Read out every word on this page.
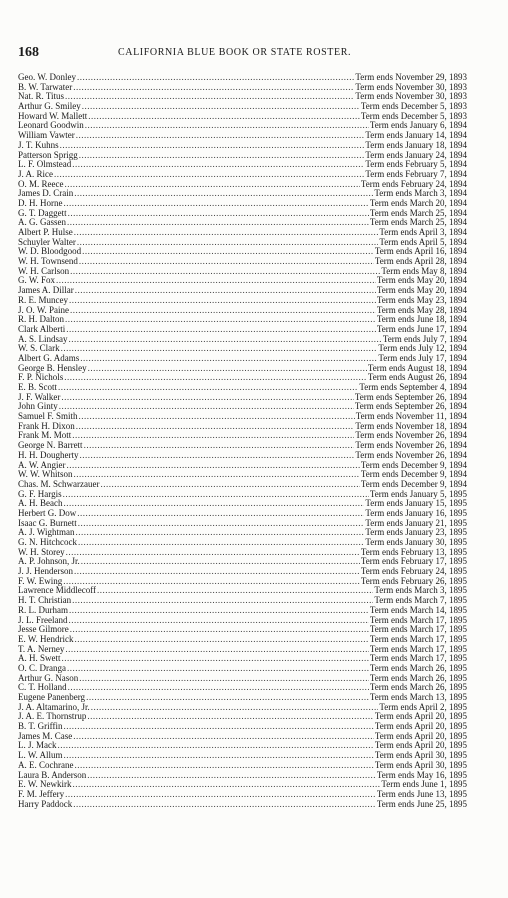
168	CALIFORNIA BLUE BOOK OR STATE ROSTER.
Geo. W. Donley .....	Term ends November 29, 1893
B. W. Tarwater .....	Term ends November 30, 1893
Nat. R. Titus .....	Term ends November 30, 1893
Arthur G. Smiley .....	Term ends December 5, 1893
Howard W. Mallett .....	Term ends December 5, 1893
Leonard Goodwin .....	Term ends January 6, 1894
William Vawter .....	Term ends January 14, 1894
J. T. Kuhns .....	Term ends January 18, 1894
Patterson Sprigg .....	Term ends January 24, 1894
L. F. Olmstead .....	Term ends February 5, 1894
J. A. Rice .....	Term ends February 7, 1894
O. M. Reece .....	Term ends February 24, 1894
James D. Crain .....	Term ends March 3, 1894
D. H. Horne .....	Term ends March 20, 1894
G. T. Daggett .....	Term ends March 25, 1894
A. G. Gassen .....	Term ends March 25, 1894
Albert P. Hulse .....	Term ends April 3, 1894
Schuyler Walter .....	Term ends April 5, 1894
W. D. Bloodgood .....	Term ends April 16, 1894
W. H. Townsend .....	Term ends April 28, 1894
W. H. Carlson .....	Term ends May 8, 1894
G. W. Fox .....	Term ends May 20, 1894
James A. Dillar .....	Term ends May 20, 1894
R. E. Muncey .....	Term ends May 23, 1894
J. O. W. Paine .....	Term ends May 28, 1894
R. H. Dalton .....	Term ends June 18, 1894
Clark Alberti .....	Term ends June 17, 1894
A. S. Lindsay .....	Term ends July 7, 1894
W. S. Clark .....	Term ends July 12, 1894
Albert G. Adams .....	Term ends July 17, 1894
George B. Hensley .....	Term ends August 18, 1894
F. P. Nichols .....	Term ends August 26, 1894
E. B. Scott .....	Term ends September 4, 1894
J. F. Walker .....	Term ends September 26, 1894
John Ginty .....	Term ends September 26, 1894
Samuel F. Smith .....	Term ends November 11, 1894
Frank H. Dixon .....	Term ends November 18, 1894
Frank M. Mott .....	Term ends November 26, 1894
George N. Barrett .....	Term ends November 26, 1894
H. H. Dougherty .....	Term ends November 26, 1894
A. W. Angier .....	Term ends December 9, 1894
W. W. Whitson .....	Term ends December 9, 1894
Chas. M. Schwarzauer .....	Term ends December 9, 1894
G. F. Hargis .....	Term ends January 5, 1895
A. H. Beach .....	Term ends January 15, 1895
Herbert G. Dow .....	Term ends January 16, 1895
Isaac G. Burnett .....	Term ends January 21, 1895
A. J. Wightman .....	Term ends January 23, 1895
G. N. Hitchcock .....	Term ends January 30, 1895
W. H. Storey .....	Term ends February 13, 1895
A. P. Johnson, Jr. .....	Term ends February 17, 1895
J. J. Henderson .....	Term ends February 24, 1895
F. W. Ewing .....	Term ends February 26, 1895
Lawrence Middlecoff .....	Term ends March 3, 1895
H. T. Christian .....	Term ends March 7, 1895
R. L. Durham .....	Term ends March 14, 1895
J. L. Freeland .....	Term ends March 17, 1895
Jesse Gilmore .....	Term ends March 17, 1895
E. W. Hendrick .....	Term ends March 17, 1895
T. A. Nerney .....	Term ends March 17, 1895
A. H. Swett .....	Term ends March 17, 1895
O. C. Dranga .....	Term ends March 26, 1895
Arthur G. Nason .....	Term ends March 26, 1895
C. T. Holland .....	Term ends March 26, 1895
Eugene Panenberg .....	Term ends March 13, 1895
J. A. Altamarino, Jr. .....	Term ends April 2, 1895
J. A. E. Thornstrup .....	Term ends April 20, 1895
B. T. Griffin .....	Term ends April 20, 1895
James M. Case .....	Term ends April 20, 1895
L. J. Mack .....	Term ends April 20, 1895
L. W. Allum .....	Term ends April 30, 1895
A. E. Cochrane .....	Term ends April 30, 1895
Laura B. Anderson .....	Term ends May 16, 1895
E. W. Newkirk .....	Term ends June 1, 1895
F. M. Jeffery .....	Term ends June 13, 1895
Harry Paddock .....	Term ends June 25, 1895
